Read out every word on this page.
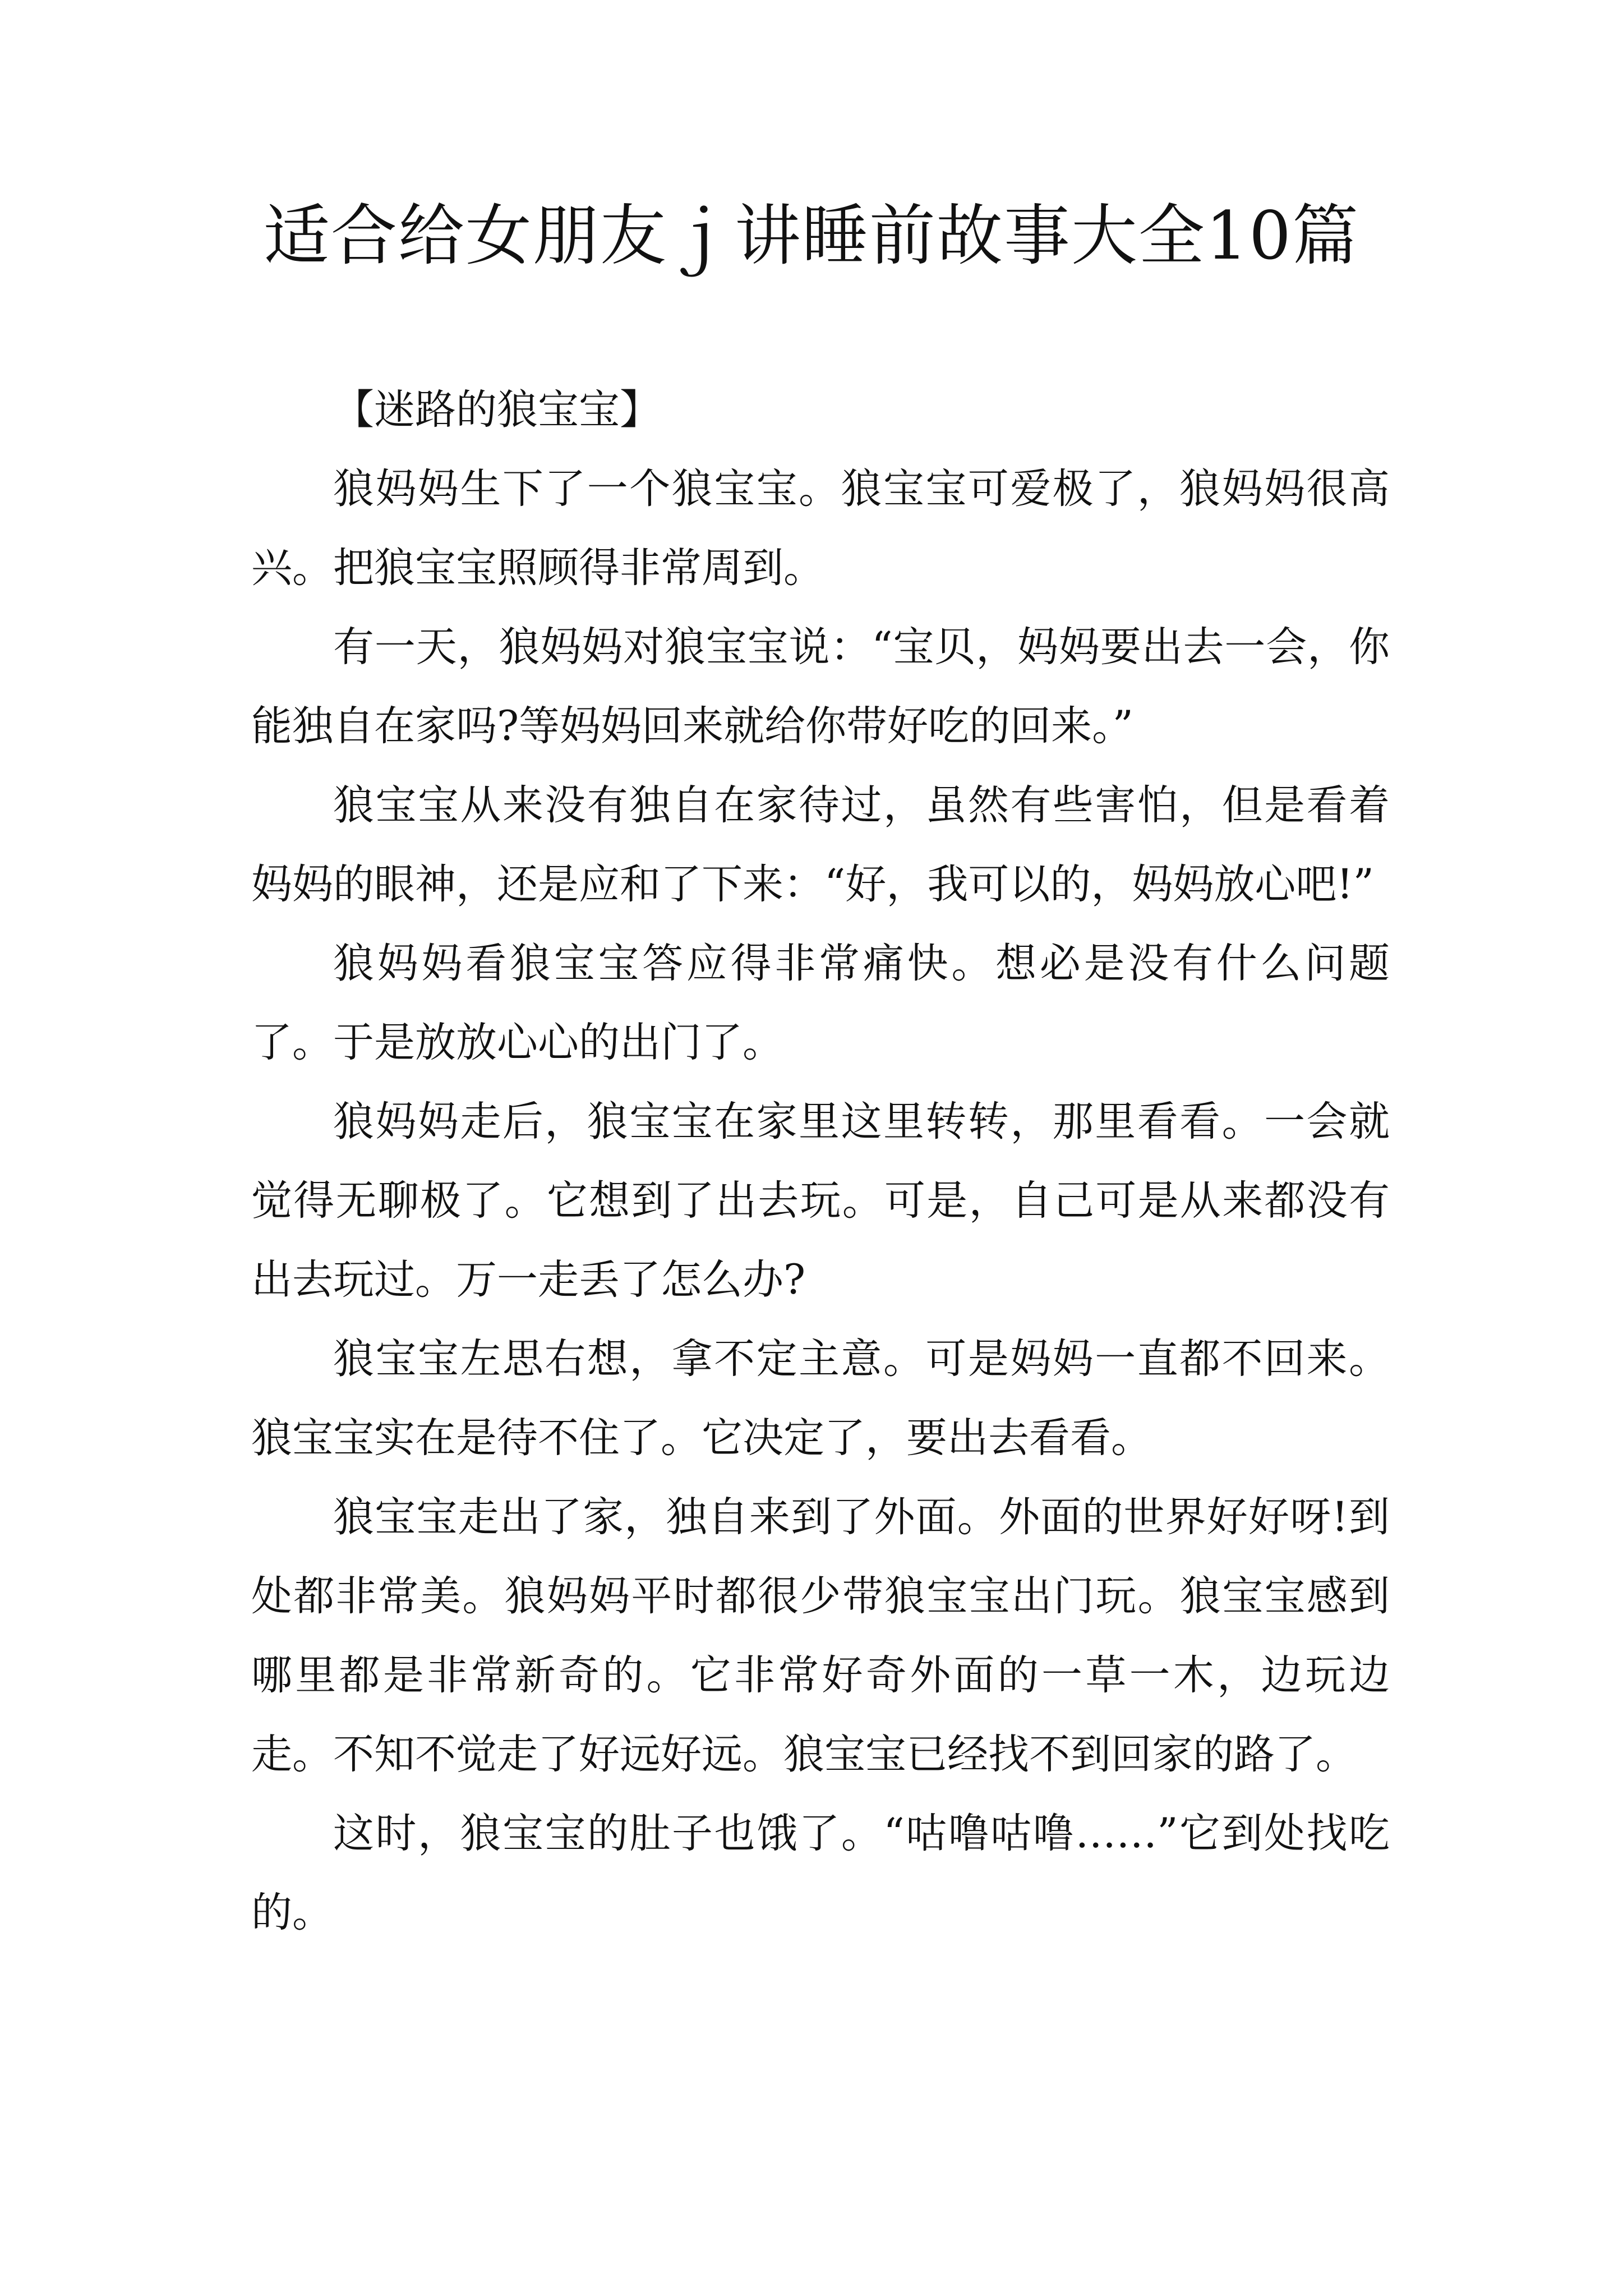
适合给女朋友ｊ讲睡前故事大全10篇

【迷路的狼宝宝】

狼妈妈生下了一个狼宝宝。狼宝宝可爱极了，狼妈妈很高兴。把狼宝宝照顾得非常周到。

有一天，狼妈妈对狼宝宝说：“宝贝，妈妈要出去一会，你能独自在家吗?等妈妈回来就给你带好吃的回来。”

狼宝宝从来没有独自在家待过，虽然有些害怕，但是看着妈妈的眼神，还是应和了下来：“好，我可以的，妈妈放心吧!”

狼妈妈看狼宝宝答应得非常痛快。想必是没有什么问题了。于是放放心心的出门了。

狼妈妈走后，狼宝宝在家里这里转转，那里看看。一会就觉得无聊极了。它想到了出去玩。可是，自己可是从来都没有出去玩过。万一走丢了怎么办?

狼宝宝左思右想，拿不定主意。可是妈妈一直都不回来。狼宝宝实在是待不住了。它决定了，要出去看看。

狼宝宝走出了家，独自来到了外面。外面的世界好好呀!到处都非常美。狼妈妈平时都很少带狼宝宝出门玩。狼宝宝感到哪里都是非常新奇的。它非常好奇外面的一草一木，边玩边走。不知不觉走了好远好远。狼宝宝已经找不到回家的路了。

这时，狼宝宝的肚子也饿了。“咕噜咕噜……”它到处找吃的。
